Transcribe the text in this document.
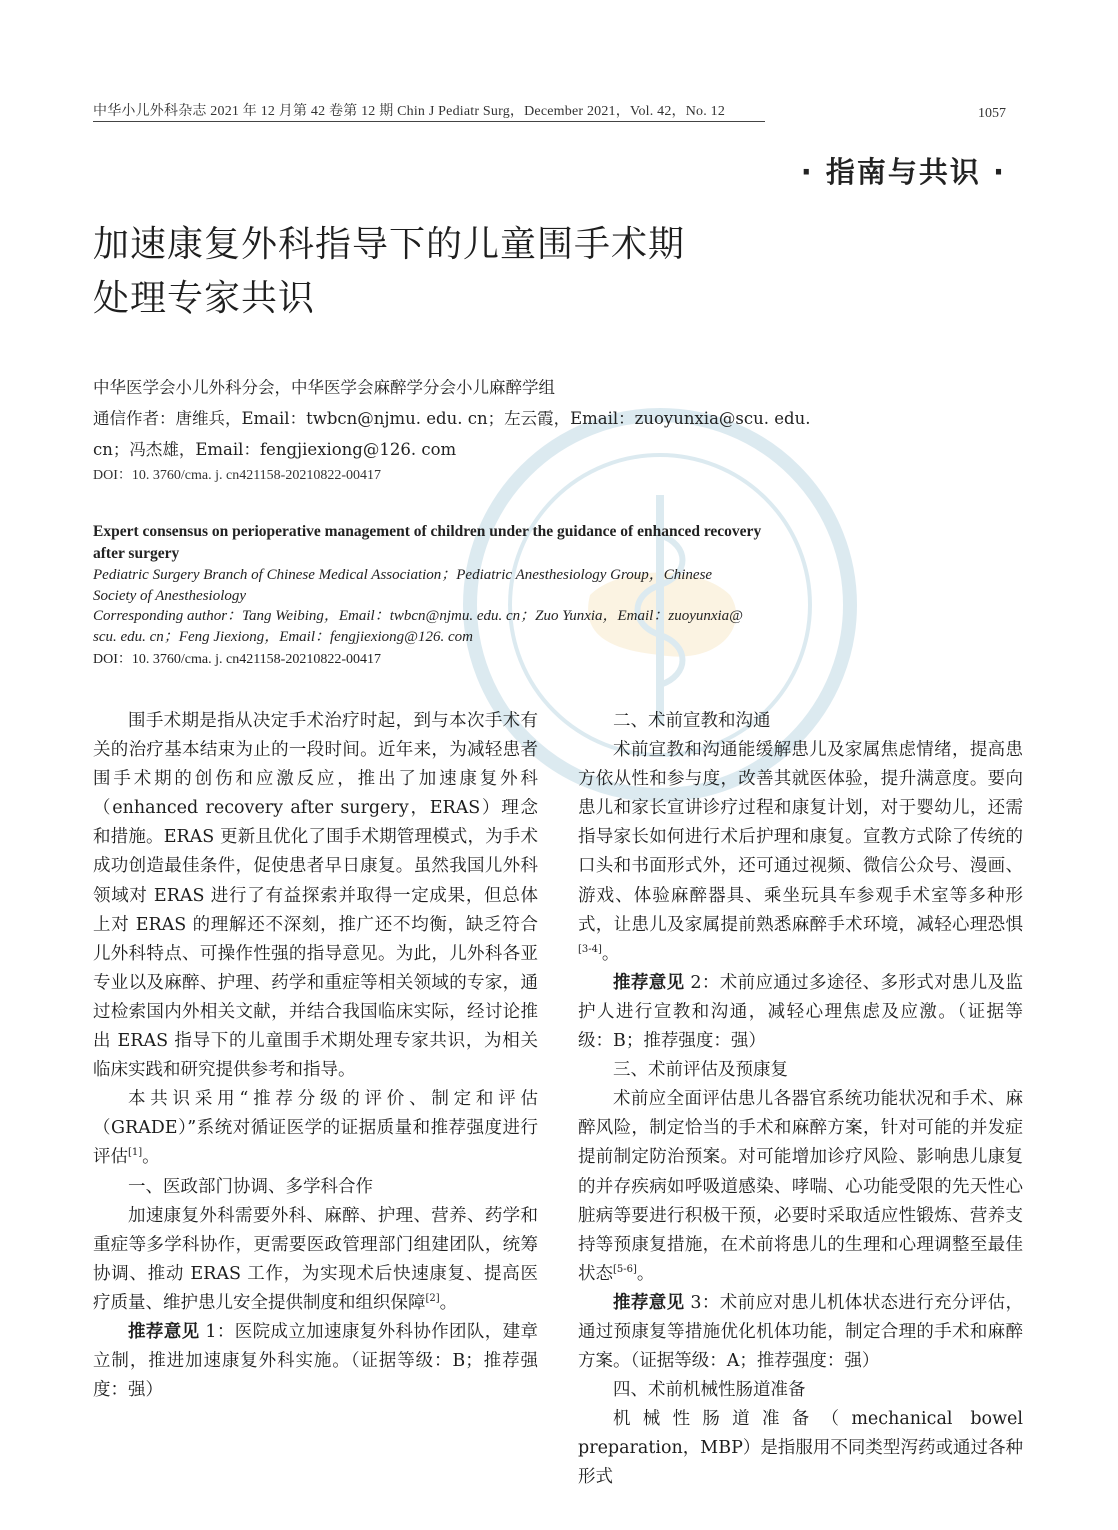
中华小儿外科杂志 2021 年 12 月第 42 卷第 12 期 Chin J Pediatr Surg，December 2021，Vol. 42，No. 12	1057
· 指南与共识 ·
加速康复外科指导下的儿童围手术期
处理专家共识
中华医学会小儿外科分会，中华医学会麻醉学分会小儿麻醉学组
通信作者：唐维兵，Email：twbcn@njmu. edu. cn；左云霞，Email：zuoyunxia@scu. edu.
cn；冯杰雄，Email：fengjiexiong@126. com
DOI：10. 3760/cma. j. cn421158-20210822-00417
Expert consensus on perioperative management of children under the guidance of enhanced recovery
after surgery
Pediatric Surgery Branch of Chinese Medical Association；Pediatric Anesthesiology Group，Chinese
Society of Anesthesiology
Corresponding author：Tang Weibing，Email：twbcn@njmu. edu. cn；Zuo Yunxia，Email：zuoyunxia@
scu. edu. cn；Feng Jiexiong，Email：fengjiexiong@126. com
DOI：10. 3760/cma. j. cn421158-20210822-00417

围手术期是指从决定手术治疗时起，到与本次手术有关的治疗基本结束为止的一段时间。近年来，为减轻患者围手术期的创伤和应激反应，推出了加速康复外科（enhanced recovery after surgery，ERAS）理念和措施。ERAS 更新且优化了围手术期管理模式，为手术成功创造最佳条件，促使患者早日康复。虽然我国儿外科领域对 ERAS 进行了有益探索并取得一定成果，但总体上对 ERAS 的理解还不深刻，推广还不均衡，缺乏符合儿外科特点、可操作性强的指导意见。为此，儿外科各亚专业以及麻醉、护理、药学和重症等相关领域的专家，通过检索国内外相关文献，并结合我国临床实际，经讨论推出 ERAS 指导下的儿童围手术期处理专家共识，为相关临床实践和研究提供参考和指导。

本共识采用“推荐分级的评价、制定和评估（GRADE）”系统对循证医学的证据质量和推荐强度进行评估[1]。

一、医政部门协调、多学科合作

加速康复外科需要外科、麻醉、护理、营养、药学和重症等多学科协作，更需要医政管理部门组建团队，统筹协调、推动 ERAS 工作，为实现术后快速康复、提高医疗质量、维护患儿安全提供制度和组织保障[2]。

推荐意见 1：医院成立加速康复外科协作团队，建章立制，推进加速康复外科实施。（证据等级：B；推荐强度：强）

二、术前宣教和沟通

术前宣教和沟通能缓解患儿及家属焦虑情绪，提高患方依从性和参与度，改善其就医体验，提升满意度。要向患儿和家长宣讲诊疗过程和康复计划，对于婴幼儿，还需指导家长如何进行术后护理和康复。宣教方式除了传统的口头和书面形式外，还可通过视频、微信公众号、漫画、游戏、体验麻醉器具、乘坐玩具车参观手术室等多种形式，让患儿及家属提前熟悉麻醉手术环境，减轻心理恐惧[3-4]。

推荐意见 2：术前应通过多途径、多形式对患儿及监护人进行宣教和沟通，减轻心理焦虑及应激。（证据等级：B；推荐强度：强）

三、术前评估及预康复

术前应全面评估患儿各器官系统功能状况和手术、麻醉风险，制定恰当的手术和麻醉方案，针对可能的并发症提前制定防治预案。对可能增加诊疗风险、影响患儿康复的并存疾病如呼吸道感染、哮喘、心功能受限的先天性心脏病等要进行积极干预，必要时采取适应性锻炼、营养支持等预康复措施，在术前将患儿的生理和心理调整至最佳状态[5-6]。

推荐意见 3：术前应对患儿机体状态进行充分评估，通过预康复等措施优化机体功能，制定合理的手术和麻醉方案。（证据等级：A；推荐强度：强）

四、术前机械性肠道准备

机械性肠道准备（mechanical bowel preparation，MBP）是指服用不同类型泻药或通过各种形式
